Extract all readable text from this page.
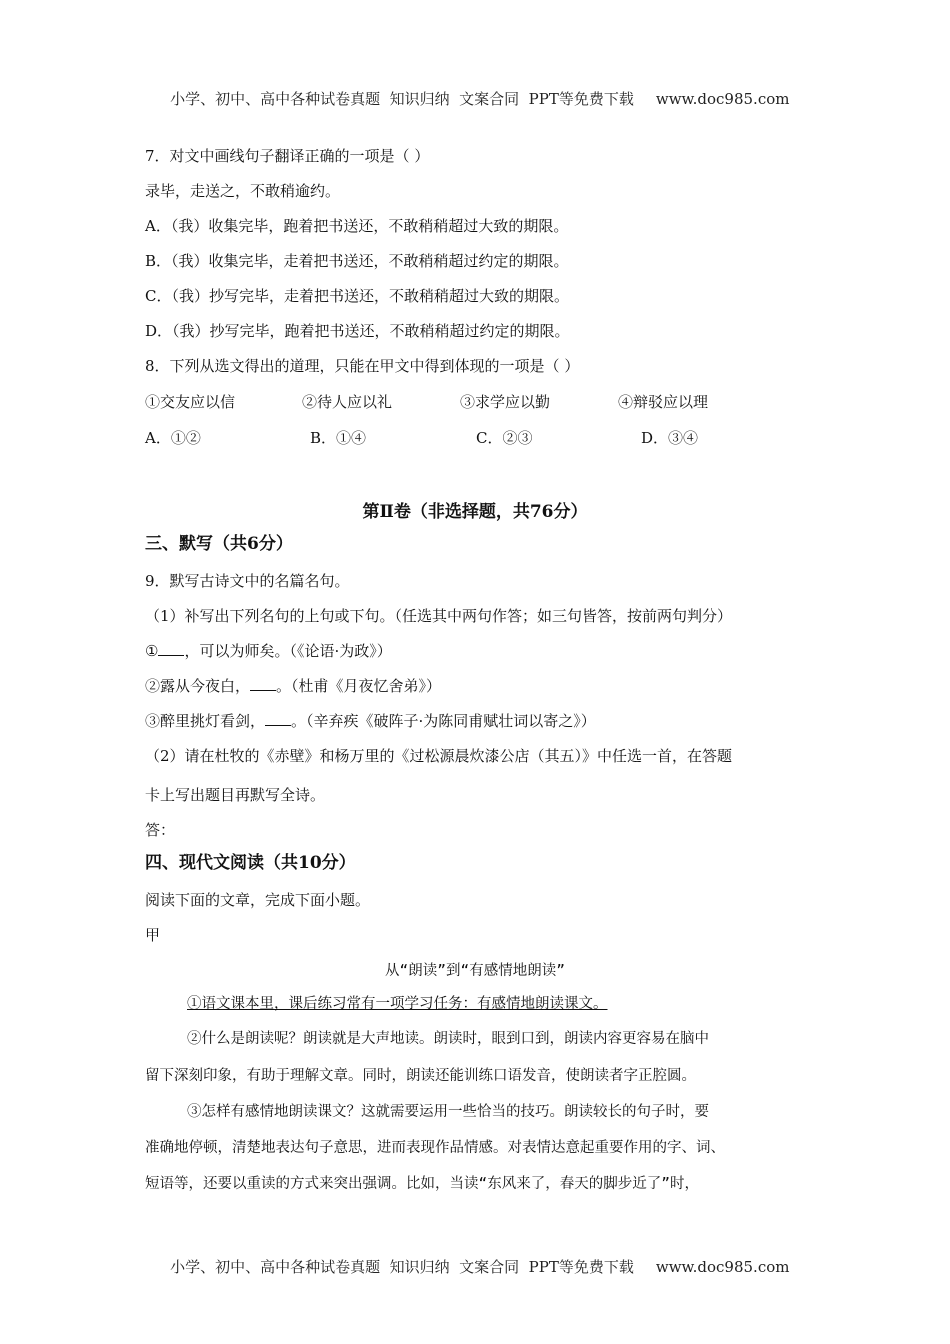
小学、初中、高中各种试卷真题  知识归纳  文案合同  PPT等免费下载 www.doc985.com

7．对文中画线句子翻译正确的一项是（ ）
录毕，走送之，不敢稍逾约。
A．（我）收集完毕，跑着把书送还，不敢稍稍超过大致的期限。
B．（我）收集完毕，走着把书送还，不敢稍稍超过约定的期限。
C．（我）抄写完毕，走着把书送还，不敢稍稍超过大致的期限。
D．（我）抄写完毕，跑着把书送还，不敢稍稍超过约定的期限。
8．下列从选文得出的道理，只能在甲文中得到体现的一项是（ ）
①交友应以信	②待人应以礼	③求学应以勤	④辩驳应以理
A．①②	B．①④	C．②③	D．③④
第Ⅱ卷（非选择题，共76分）
三、默写（共6分）
9．默写古诗文中的名篇名句。
（1）补写出下列名句的上句或下句。（任选其中两句作答；如三句皆答，按前两句判分）
① ，可以为师矣。（《论语·为政》）
②露从今夜白， 。（杜甫《月夜忆舍弟》）
③醉里挑灯看剑， 。（辛弃疾《破阵子·为陈同甫赋壮词以寄之》）
（2）请在杜牧的《赤壁》和杨万里的《过松源晨炊漆公店（其五）》中任选一首，在答题
卡上写出题目再默写全诗。
答：
四、现代文阅读（共10分）
阅读下面的文章，完成下面小题。
甲
从“朗读”到“有感情地朗读”
①语文课本里，课后练习常有一项学习任务：有感情地朗读课文。
②什么是朗读呢？朗读就是大声地读。朗读时，眼到口到，朗读内容更容易在脑中
留下深刻印象，有助于理解文章。同时，朗读还能训练口语发音，使朗读者字正腔圆。
③怎样有感情地朗读课文？这就需要运用一些恰当的技巧。朗读较长的句子时，要
准确地停顿，清楚地表达句子意思，进而表现作品情感。对表情达意起重要作用的字、词、
短语等，还要以重读的方式来突出强调。比如，当读“东风来了，春天的脚步近了”时，

小学、初中、高中各种试卷真题  知识归纳  文案合同  PPT等免费下载 www.doc985.com
